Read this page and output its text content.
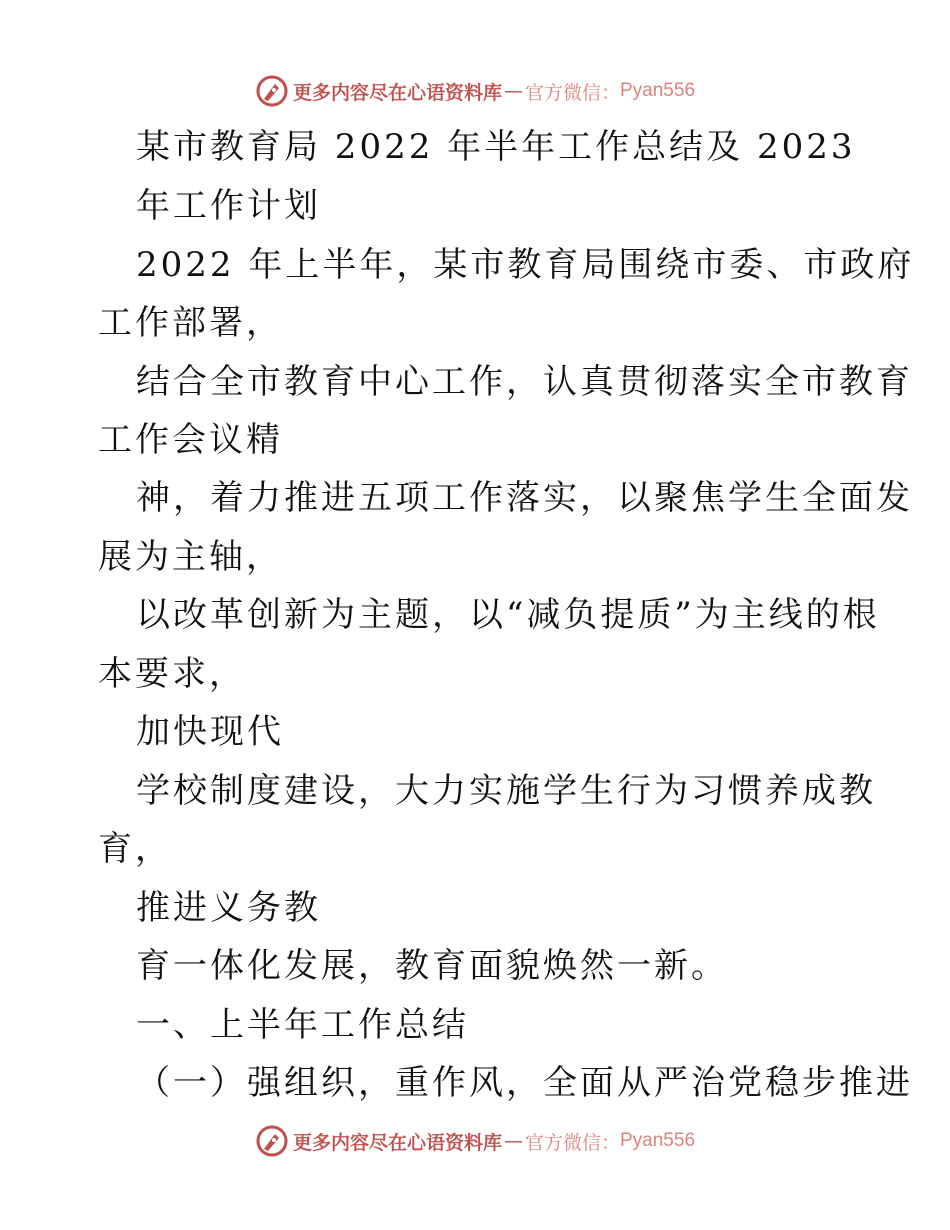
更多内容尽在心语资料库 — 官方微信： Pyan556
某市教育局 2022 年半年工作总结及 2023
年工作计划
2022 年上半年，某市教育局围绕市委、市政府
工作部署，
结合全市教育中心工作，认真贯彻落实全市教育
工作会议精
神，着力推进五项工作落实，以聚焦学生全面发
展为主轴，
以改革创新为主题，以“减负提质”为主线的根
本要求，
加快现代
学校制度建设，大力实施学生行为习惯养成教
育，
推进义务教
育一体化发展，教育面貌焕然一新。
一、上半年工作总结
（一）强组织，重作风，全面从严治党稳步推进
更多内容尽在心语资料库 — 官方微信： Pyan556
